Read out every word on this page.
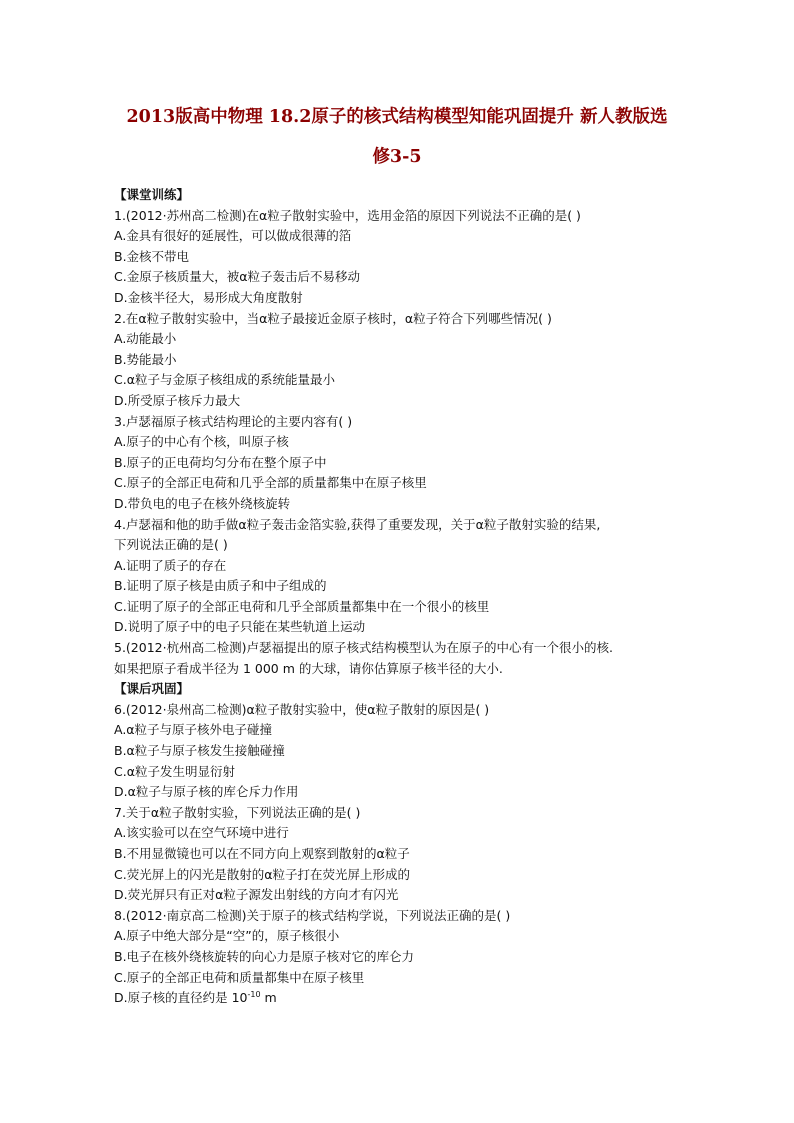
2013版高中物理 18.2原子的核式结构模型知能巩固提升 新人教版选
修3-5
【课堂训练】
1.(2012·苏州高二检测)在α粒子散射实验中，选用金箔的原因下列说法不正确的是( )
A.金具有很好的延展性，可以做成很薄的箔
B.金核不带电
C.金原子核质量大，被α粒子轰击后不易移动
D.金核半径大，易形成大角度散射
2.在α粒子散射实验中，当α粒子最接近金原子核时，α粒子符合下列哪些情况( )
A.动能最小
B.势能最小
C.α粒子与金原子核组成的系统能量最小
D.所受原子核斥力最大
3.卢瑟福原子核式结构理论的主要内容有( )
A.原子的中心有个核，叫原子核
B.原子的正电荷均匀分布在整个原子中
C.原子的全部正电荷和几乎全部的质量都集中在原子核里
D.带负电的电子在核外绕核旋转
4.卢瑟福和他的助手做α粒子轰击金箔实验,获得了重要发现，关于α粒子散射实验的结果,
下列说法正确的是( )
A.证明了质子的存在
B.证明了原子核是由质子和中子组成的
C.证明了原子的全部正电荷和几乎全部质量都集中在一个很小的核里
D.说明了原子中的电子只能在某些轨道上运动
5.(2012·杭州高二检测)卢瑟福提出的原子核式结构模型认为在原子的中心有一个很小的核.
如果把原子看成半径为 1 000 m 的大球，请你估算原子核半径的大小.
【课后巩固】
6.(2012·泉州高二检测)α粒子散射实验中，使α粒子散射的原因是( )
A.α粒子与原子核外电子碰撞
B.α粒子与原子核发生接触碰撞
C.α粒子发生明显衍射
D.α粒子与原子核的库仑斥力作用
7.关于α粒子散射实验，下列说法正确的是( )
A.该实验可以在空气环境中进行
B.不用显微镜也可以在不同方向上观察到散射的α粒子
C.荧光屏上的闪光是散射的α粒子打在荧光屏上形成的
D.荧光屏只有正对α粒子源发出射线的方向才有闪光
8.(2012·南京高二检测)关于原子的核式结构学说，下列说法正确的是( )
A.原子中绝大部分是“空”的，原子核很小
B.电子在核外绕核旋转的向心力是原子核对它的库仑力
C.原子的全部正电荷和质量都集中在原子核里
D.原子核的直径约是 $10^{-10}$ m
